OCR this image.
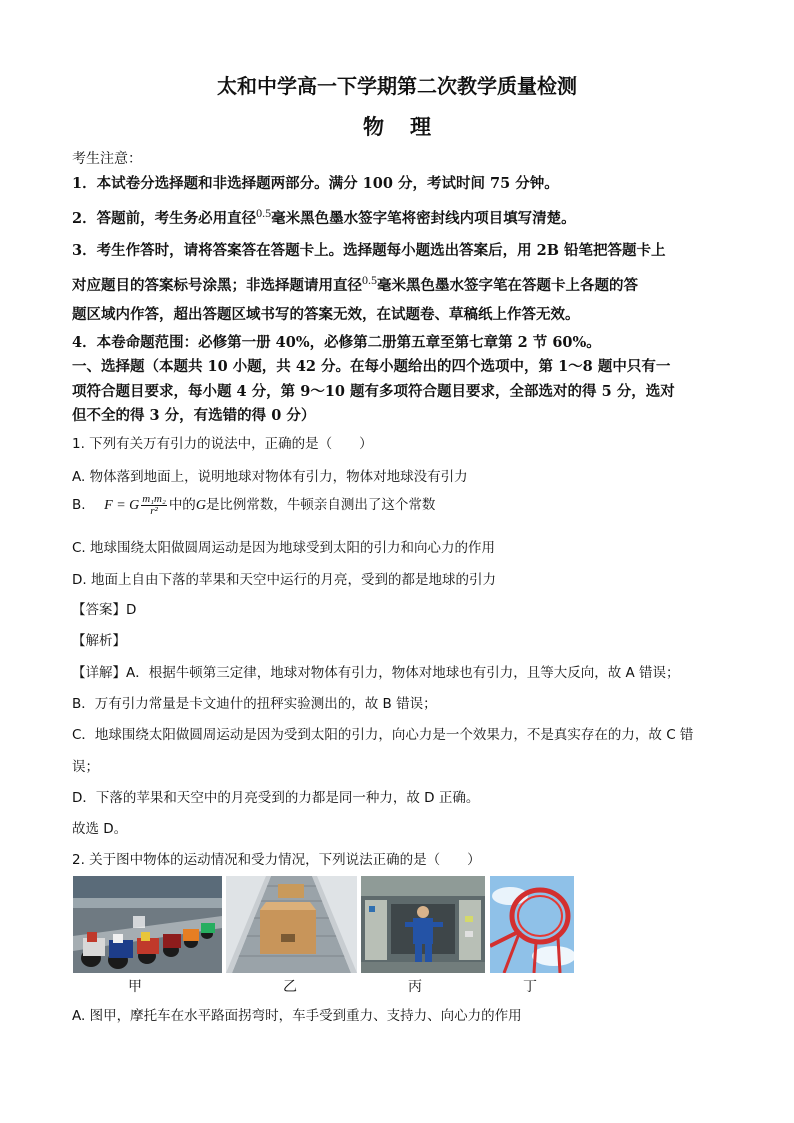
太和中学高一下学期第二次教学质量检测
物 理
考生注意：
1．本试卷分选择题和非选择题两部分。满分 100 分，考试时间 75 分钟。
2．答题前，考生务必用直径$^{0.5}$毫米黑色墨水签字笔将密封线内项目填写清楚。
3．考生作答时，请将答案答在答题卡上。选择题每小题选出答案后，用 2B 铅笔把答题卡上
对应题目的答案标号涂黑；非选择题请用直径$^{0.5}$毫米黑色墨水签字笔在答题卡上各题的答
题区域内作答，超出答题区域书写的答案无效，在试题卷、草稿纸上作答无效。
4．本卷命题范围：必修第一册 40%，必修第二册第五章至第七章第 2 节 60%。
一、选择题（本题共 10 小题，共 42 分。在每小题给出的四个选项中，第 1～8 题中只有一
项符合题目要求，每小题 4 分，第 9～10 题有多项符合题目要求，全部选对的得 5 分，选对
但不全的得 3 分，有选错的得 0 分）
1. 下列有关万有引力的说法中，正确的是（　　）
A. 物体落到地面上，说明地球对物体有引力，物体对地球没有引力
B. F = G $\frac{\text{m₁m₂}}{\text{r²}}$ 中的G是比例常数，牛顿亲自测出了这个常数
C. 地球围绕太阳做圆周运动是因为地球受到太阳的引力和向心力的作用
D. 地面上自由下落的苹果和天空中运行的月亮，受到的都是地球的引力
【答案】D
【解析】
【详解】A．根据牛顿第三定律，地球对物体有引力，物体对地球也有引力，且等大反向，故 A 错误；
B．万有引力常量是卡文迪什的扭秤实验测出的，故 B 错误；
C．地球围绕太阳做圆周运动是因为受到太阳的引力，向心力是一个效果力，不是真实存在的力，故 C 错
误；
D．下落的苹果和天空中的月亮受到的力都是同一种力，故 D 正确。
故选 D。
2. 关于图中物体的运动情况和受力情况，下列说法正确的是（　　）
甲	乙	丙	丁
A. 图甲，摩托车在水平路面拐弯时，车手受到重力、支持力、向心力的作用
